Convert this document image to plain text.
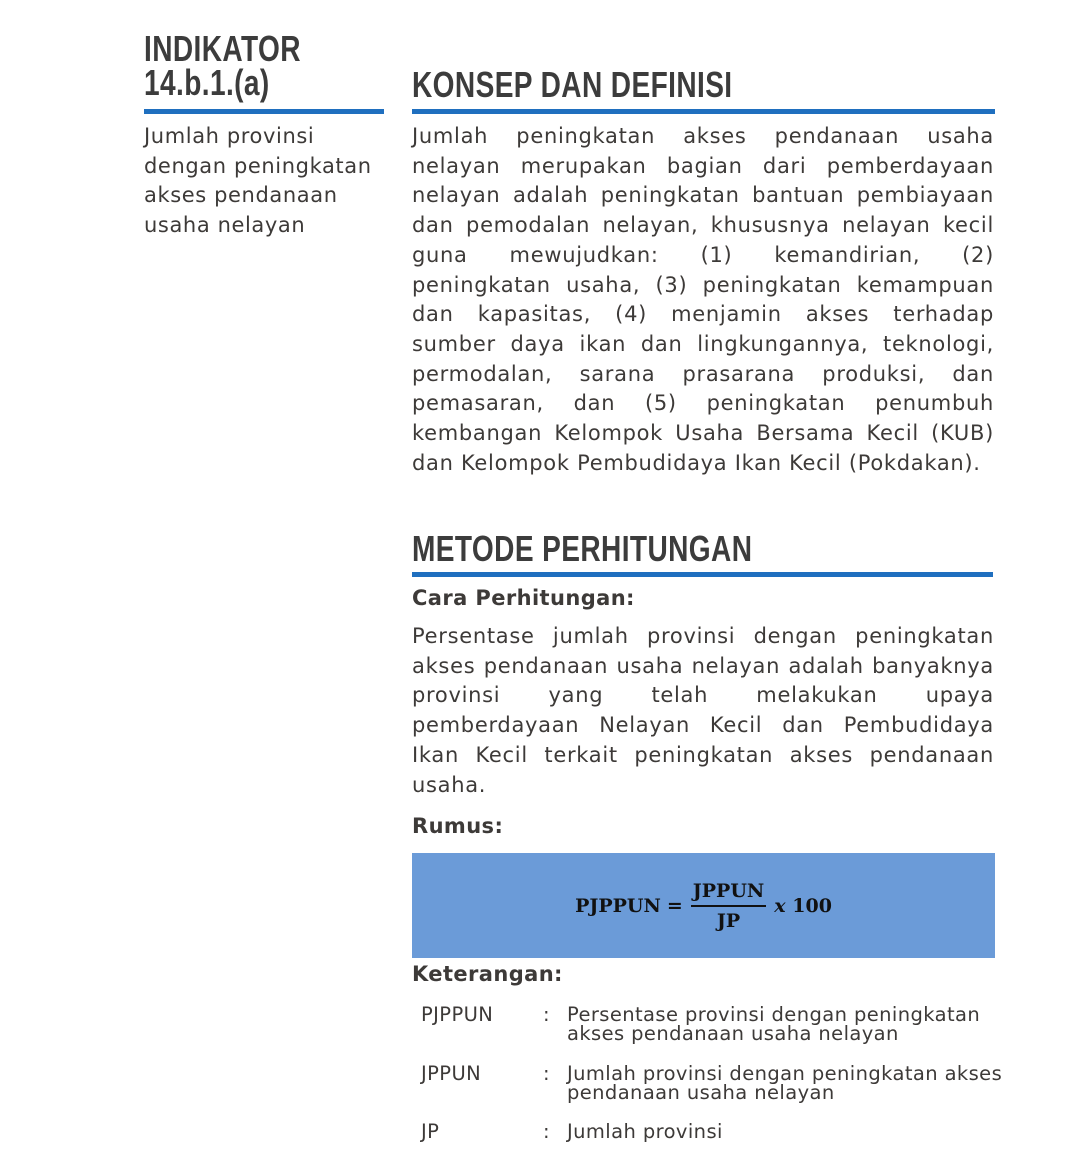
INDIKATOR
14.b.1.(a)

Jumlah provinsi dengan peningkatan akses pendanaan usaha nelayan

KONSEP DAN DEFINISI

Jumlah peningkatan akses pendanaan usaha nelayan merupakan bagian dari pemberdayaan nelayan adalah peningkatan bantuan pembiayaan dan pemodalan nelayan, khususnya nelayan kecil guna mewujudkan: (1) kemandirian, (2) peningkatan usaha, (3) peningkatan kemampuan dan kapasitas, (4) menjamin akses terhadap sumber daya ikan dan lingkungannya, teknologi, permodalan, sarana prasarana produksi, dan pemasaran, dan (5) peningkatan penumbuh kembangan Kelompok Usaha Bersama Kecil (KUB) dan Kelompok Pembudidaya Ikan Kecil (Pokdakan).

METODE PERHITUNGAN

Cara Perhitungan:

Persentase jumlah provinsi dengan peningkatan akses pendanaan usaha nelayan adalah banyaknya provinsi yang telah melakukan upaya pemberdayaan Nelayan Kecil dan Pembudidaya Ikan Kecil terkait peningkatan akses pendanaan usaha.

Rumus:

PJPPUN = $\frac{\text{JPPUN}}{JP}$ x 100

Keterangan:

PJPPUN	: Persentase provinsi dengan peningkatan akses pendanaan usaha nelayan
JPPUN	: Jumlah provinsi dengan peningkatan akses pendanaan usaha nelayan
JP	: Jumlah provinsi
